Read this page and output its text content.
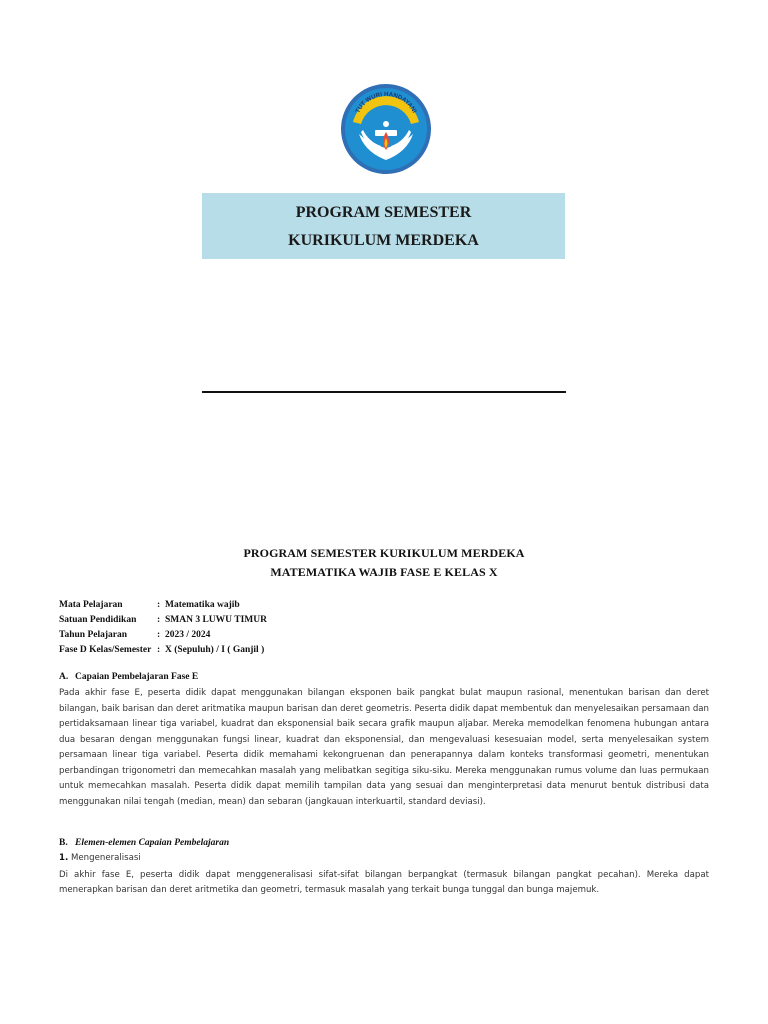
TUT WURI HANDAYANI
PROGRAM SEMESTER
KURIKULUM MERDEKA
PROGRAM SEMESTER KURIKULUM MERDEKA
MATEMATIKA WAJIB FASE E KELAS X
Mata Pelajaran	: Matematika wajib
Satuan Pendidikan : SMAN 3 LUWU TIMUR
Tahun Pelajaran	: 2023 / 2024
Fase D Kelas/Semester : X (Sepuluh) / I ( Ganjil )
A. Capaian Pembelajaran Fase E

Pada akhir fase E, peserta didik dapat menggunakan bilangan eksponen baik pangkat bulat maupun rasional, menentukan barisan dan deret bilangan, baik barisan dan deret aritmatika maupun barisan dan deret geometris. Peserta didik dapat membentuk dan menyelesaikan persamaan dan pertidaksamaan linear tiga variabel, kuadrat dan eksponensial baik secara grafik maupun aljabar. Mereka memodelkan fenomena hubungan antara dua besaran dengan menggunakan fungsi linear, kuadrat dan eksponensial, dan mengevaluasi kesesuaian model, serta menyelesaikan system persamaan linear tiga variabel. Peserta didik memahami kekongruenan dan penerapannya dalam konteks transformasi geometri, menentukan perbandingan trigonometri dan memecahkan masalah yang melibatkan segitiga siku-siku. Mereka menggunakan rumus volume dan luas permukaan untuk memecahkan masalah. Peserta didik dapat memilih tampilan data yang sesuai dan menginterpretasi data menurut bentuk distribusi data menggunakan nilai tengah (median, mean) dan sebaran (jangkauan interkuartil, standard deviasi).

B. Elemen-elemen Capaian Pembelajaran
1. Mengeneralisasi

Di akhir fase E, peserta didik dapat menggeneralisasi sifat-sifat bilangan berpangkat (termasuk bilangan pangkat pecahan). Mereka dapat menerapkan barisan dan deret aritmetika dan geometri, termasuk masalah yang terkait bunga tunggal dan bunga majemuk.
